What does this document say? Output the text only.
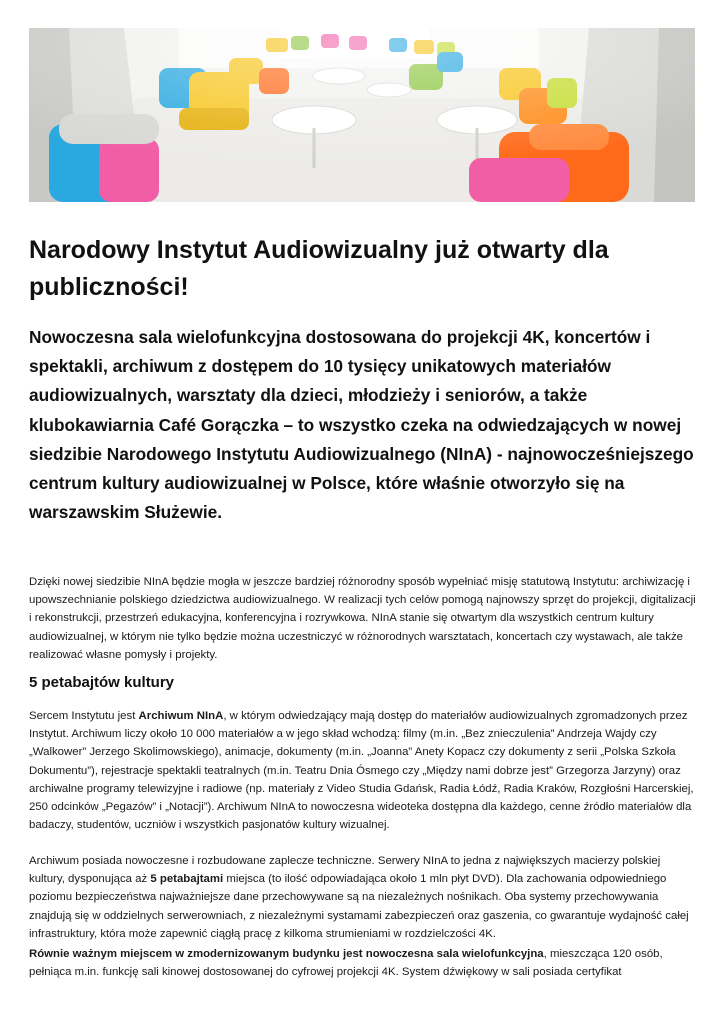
Narodowy Instytut Audiowizualny już otwarty dla publiczności!

Nowoczesna sala wielofunkcyjna dostosowana do projekcji 4K, koncertów i spektakli, archiwum z dostępem do 10 tysięcy unikatowych materiałów audiowizualnych, warsztaty dla dzieci, młodzieży i seniorów, a także klubokawiarnia Café Gorączka – to wszystko czeka na odwiedzających w nowej siedzibie Narodowego Instytutu Audiowizualnego (NInA) - najnowocześniejszego centrum kultury audiowizualnej w Polsce, które właśnie otworzyło się na warszawskim Służewie.

Dzięki nowej siedzibie NInA będzie mogła w jeszcze bardziej różnorodny sposób wypełniać misję statutową Instytutu: archiwizację i upowszechnianie polskiego dziedzictwa audiowizualnego. W realizacji tych celów pomogą najnowszy sprzęt do projekcji, digitalizacji i rekonstrukcji, przestrzeń edukacyjna, konferencyjna i rozrywkowa. NInA stanie się otwartym dla wszystkich centrum kultury audiowizualnej, w którym nie tylko będzie można uczestniczyć w różnorodnych warsztatach, koncertach czy wystawach, ale także realizować własne pomysły i projekty.

5 petabajtów kultury

Sercem Instytutu jest Archiwum NInA, w którym odwiedzający mają dostęp do materiałów audiowizualnych zgromadzonych przez Instytut. Archiwum liczy około 10 000 materiałów a w jego skład wchodzą: filmy (m.in. „Bez znieczulenia” Andrzeja Wajdy czy „Walkower” Jerzego Skolimowskiego), animacje, dokumenty (m.in. „Joanna” Anety Kopacz czy dokumenty z serii „Polska Szkoła Dokumentu”), rejestracje spektakli teatralnych (m.in. Teatru Dnia Ósmego czy „Między nami dobrze jest” Grzegorza Jarzyny) oraz archiwalne programy telewizyjne i radiowe (np. materiały z Video Studia Gdańsk, Radia Łódź, Radia Kraków, Rozgłośni Harcerskiej, 250 odcinków „Pegazów” i „Notacji”). Archiwum NInA to nowoczesna wideoteka dostępna dla każdego, cenne źródło materiałów dla badaczy, studentów, uczniów i wszystkich pasjonatów kultury wizualnej.

Archiwum posiada nowoczesne i rozbudowane zaplecze techniczne. Serwery NInA to jedna z największych macierzy polskiej kultury, dysponująca aż 5 petabajtami miejsca (to ilość odpowiadająca około 1 mln płyt DVD). Dla zachowania odpowiedniego poziomu bezpieczeństwa najważniejsze dane przechowywane są na niezależnych nośnikach. Oba systemy przechowywania znajdują się w oddzielnych serwerowniach, z niezależnymi systamami zabezpieczeń oraz gaszenia, co gwarantuje wydajność całej infrastruktury, która może zapewnić ciągłą pracę z kilkoma strumieniami w rozdzielczości 4K.

Równie ważnym miejscem w zmodernizowanym budynku jest nowoczesna sala wielofunkcyjna, mieszcząca 120 osób, pełniąca m.in. funkcję sali kinowej dostosowanej do cyfrowej projekcji 4K. System dźwiękowy w sali posiada certyfikat
